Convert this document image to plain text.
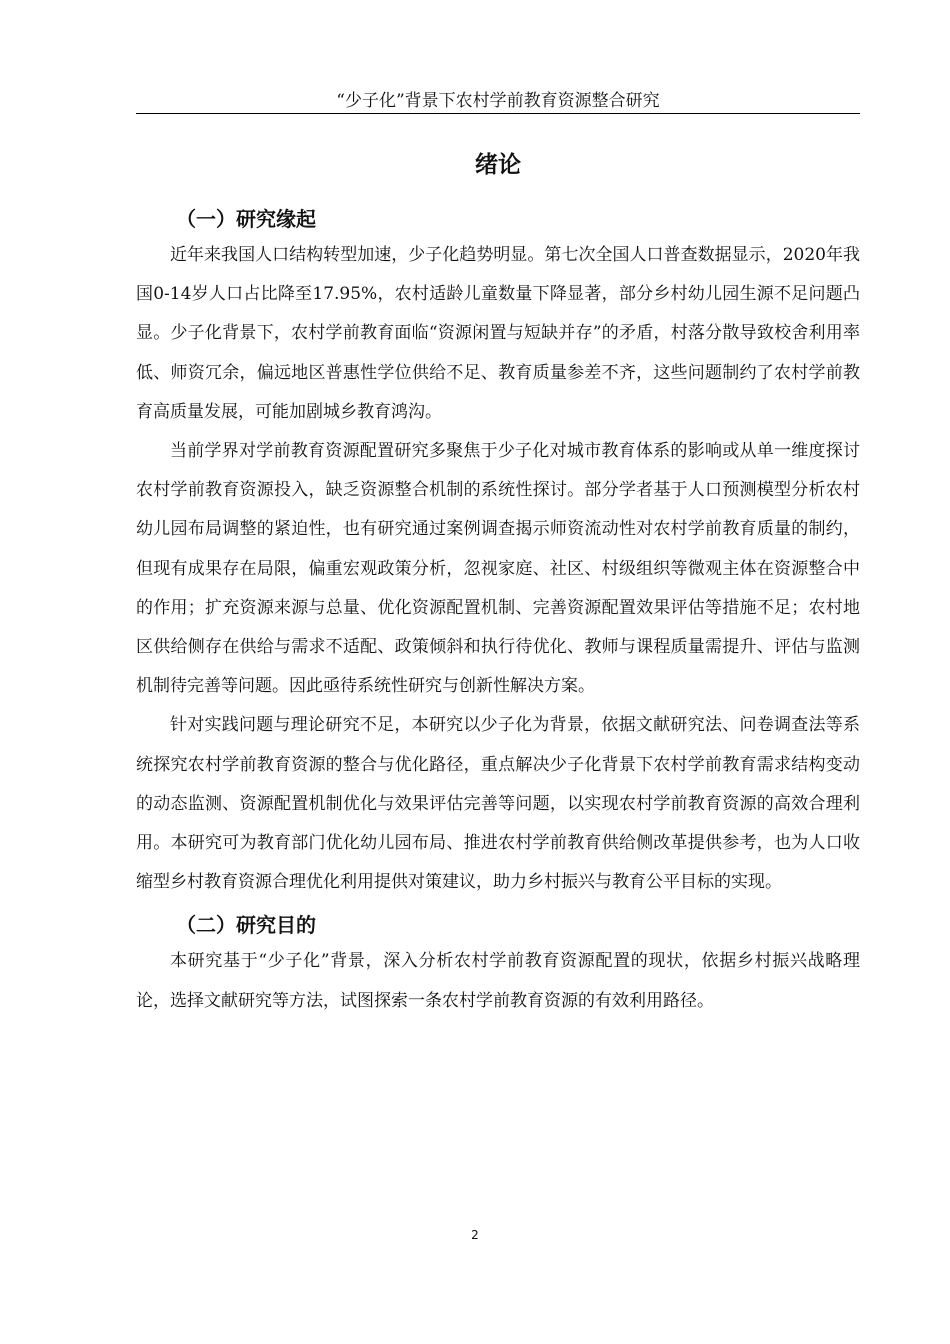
“少子化”背景下农村学前教育资源整合研究
绪论
（一）研究缘起

近年来我国人口结构转型加速，少子化趋势明显。第七次全国人口普查数据显示，2020年我国0-14岁人口占比降至17.95%，农村适龄儿童数量下降显著，部分乡村幼儿园生源不足问题凸显。少子化背景下，农村学前教育面临“资源闲置与短缺并存”的矛盾，村落分散导致校舍利用率低、师资冗余，偏远地区普惠性学位供给不足、教育质量参差不齐，这些问题制约了农村学前教育高质量发展，可能加剧城乡教育鸿沟。

当前学界对学前教育资源配置研究多聚焦于少子化对城市教育体系的影响或从单一维度探讨农村学前教育资源投入，缺乏资源整合机制的系统性探讨。部分学者基于人口预测模型分析农村幼儿园布局调整的紧迫性，也有研究通过案例调查揭示师资流动性对农村学前教育质量的制约，但现有成果存在局限，偏重宏观政策分析，忽视家庭、社区、村级组织等微观主体在资源整合中的作用；扩充资源来源与总量、优化资源配置机制、完善资源配置效果评估等措施不足；农村地区供给侧存在供给与需求不适配、政策倾斜和执行待优化、教师与课程质量需提升、评估与监测机制待完善等问题。因此亟待系统性研究与创新性解决方案。

针对实践问题与理论研究不足，本研究以少子化为背景，依据文献研究法、问卷调查法等系统探究农村学前教育资源的整合与优化路径，重点解决少子化背景下农村学前教育需求结构变动的动态监测、资源配置机制优化与效果评估完善等问题，以实现农村学前教育资源的高效合理利用。本研究可为教育部门优化幼儿园布局、推进农村学前教育供给侧改革提供参考，也为人口收缩型乡村教育资源合理优化利用提供对策建议，助力乡村振兴与教育公平目标的实现。

（二）研究目的

本研究基于“少子化”背景，深入分析农村学前教育资源配置的现状，依据乡村振兴战略理论，选择文献研究等方法，试图探索一条农村学前教育资源的有效利用路径。

2
